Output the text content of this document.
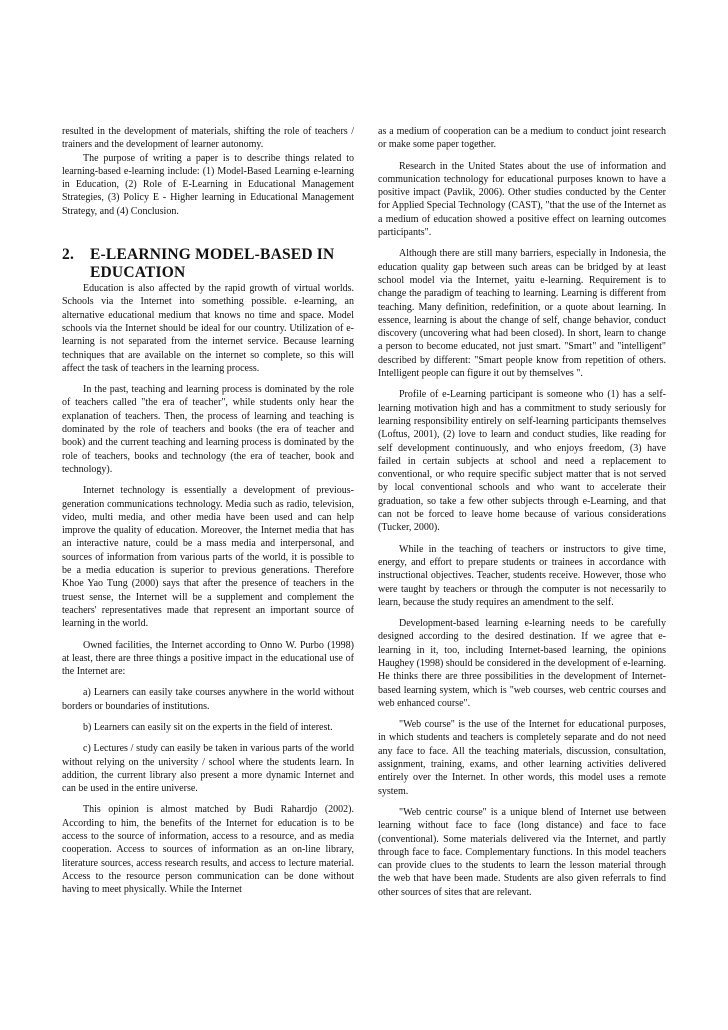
resulted in the development of materials, shifting the role of teachers / trainers and the development of learner autonomy.

The purpose of writing a paper is to describe things related to learning-based e-learning include: (1) Model-Based Learning e-learning in Education, (2) Role of E-Learning in Educational Management Strategies, (3) Policy E - Higher learning in Educational Management Strategy, and (4) Conclusion.

2.	E-LEARNING MODEL-BASED IN EDUCATION

Education is also affected by the rapid growth of virtual worlds. Schools via the Internet into something possible. e-learning, an alternative educational medium that knows no time and space. Model schools via the Internet should be ideal for our country. Utilization of e-learning is not separated from the internet service. Because learning techniques that are available on the internet so complete, so this will affect the task of teachers in the learning process.

In the past, teaching and learning process is dominated by the role of teachers called "the era of teacher", while students only hear the explanation of teachers. Then, the process of learning and teaching is dominated by the role of teachers and books (the era of teacher and book) and the current teaching and learning process is dominated by the role of teachers, books and technology (the era of teacher, book and technology).

Internet technology is essentially a development of previous-generation communications technology. Media such as radio, television, video, multi media, and other media have been used and can help improve the quality of education. Moreover, the Internet media that has an interactive nature, could be a mass media and interpersonal, and sources of information from various parts of the world, it is possible to be a media education is superior to previous generations. Therefore Khoe Yao Tung (2000) says that after the presence of teachers in the truest sense, the Internet will be a supplement and complement the teachers' representatives made that represent an important source of learning in the world.

Owned facilities, the Internet according to Onno W. Purbo (1998) at least, there are three things a positive impact in the educational use of the Internet are:

a) Learners can easily take courses anywhere in the world without borders or boundaries of institutions.

b) Learners can easily sit on the experts in the field of interest.

c) Lectures / study can easily be taken in various parts of the world without relying on the university / school where the students learn. In addition, the current library also present a more dynamic Internet and can be used in the entire universe.

This opinion is almost matched by Budi Rahardjo (2002). According to him, the benefits of the Internet for education is to be access to the source of information, access to a resource, and as media cooperation. Access to sources of information as an on-line library, literature sources, access research results, and access to lecture material. Access to the resource person communication can be done without having to meet physically. While the Internet

as a medium of cooperation can be a medium to conduct joint research or make some paper together.

Research in the United States about the use of information and communication technology for educational purposes known to have a positive impact (Pavlik, 2006). Other studies conducted by the Center for Applied Special Technology (CAST), "that the use of the Internet as a medium of education showed a positive effect on learning outcomes participants".

Although there are still many barriers, especially in Indonesia, the education quality gap between such areas can be bridged by at least school model via the Internet, yaitu e-learning. Requirement is to change the paradigm of teaching to learning. Learning is different from teaching. Many definition, redefinition, or a quote about learning. In essence, learning is about the change of self, change behavior, conduct discovery (uncovering what had been closed). In short, learn to change a person to become educated, not just smart. "Smart" and "intelligent" described by different: "Smart people know from repetition of others. Intelligent people can figure it out by themselves ".

Profile of e-Learning participant is someone who (1) has a self-learning motivation high and has a commitment to study seriously for learning responsibility entirely on self-learning participants themselves (Loftus, 2001), (2) love to learn and conduct studies, like reading for self development continuously, and who enjoys freedom, (3) have failed in certain subjects at school and need a replacement to conventional, or who require specific subject matter that is not served by local conventional schools and who want to accelerate their graduation, so take a few other subjects through e-Learning, and that can not be forced to leave home because of various considerations (Tucker, 2000).

While in the teaching of teachers or instructors to give time, energy, and effort to prepare students or trainees in accordance with instructional objectives. Teacher, students receive. However, those who were taught by teachers or through the computer is not necessarily to learn, because the study requires an amendment to the self.

Development-based learning e-learning needs to be carefully designed according to the desired destination. If we agree that e-learning in it, too, including Internet-based learning, the opinions Haughey (1998) should be considered in the development of e-learning. He thinks there are three possibilities in the development of Internet-based learning system, which is "web courses, web centric courses and web enhanced course".

"Web course" is the use of the Internet for educational purposes, in which students and teachers is completely separate and do not need any face to face. All the teaching materials, discussion, consultation, assignment, training, exams, and other learning activities delivered entirely over the Internet. In other words, this model uses a remote system.

"Web centric course" is a unique blend of Internet use between learning without face to face (long distance) and face to face (conventional). Some materials delivered via the Internet, and partly through face to face. Complementary functions. In this model teachers can provide clues to the students to learn the lesson material through the web that have been made. Students are also given referrals to find other sources of sites that are relevant.
